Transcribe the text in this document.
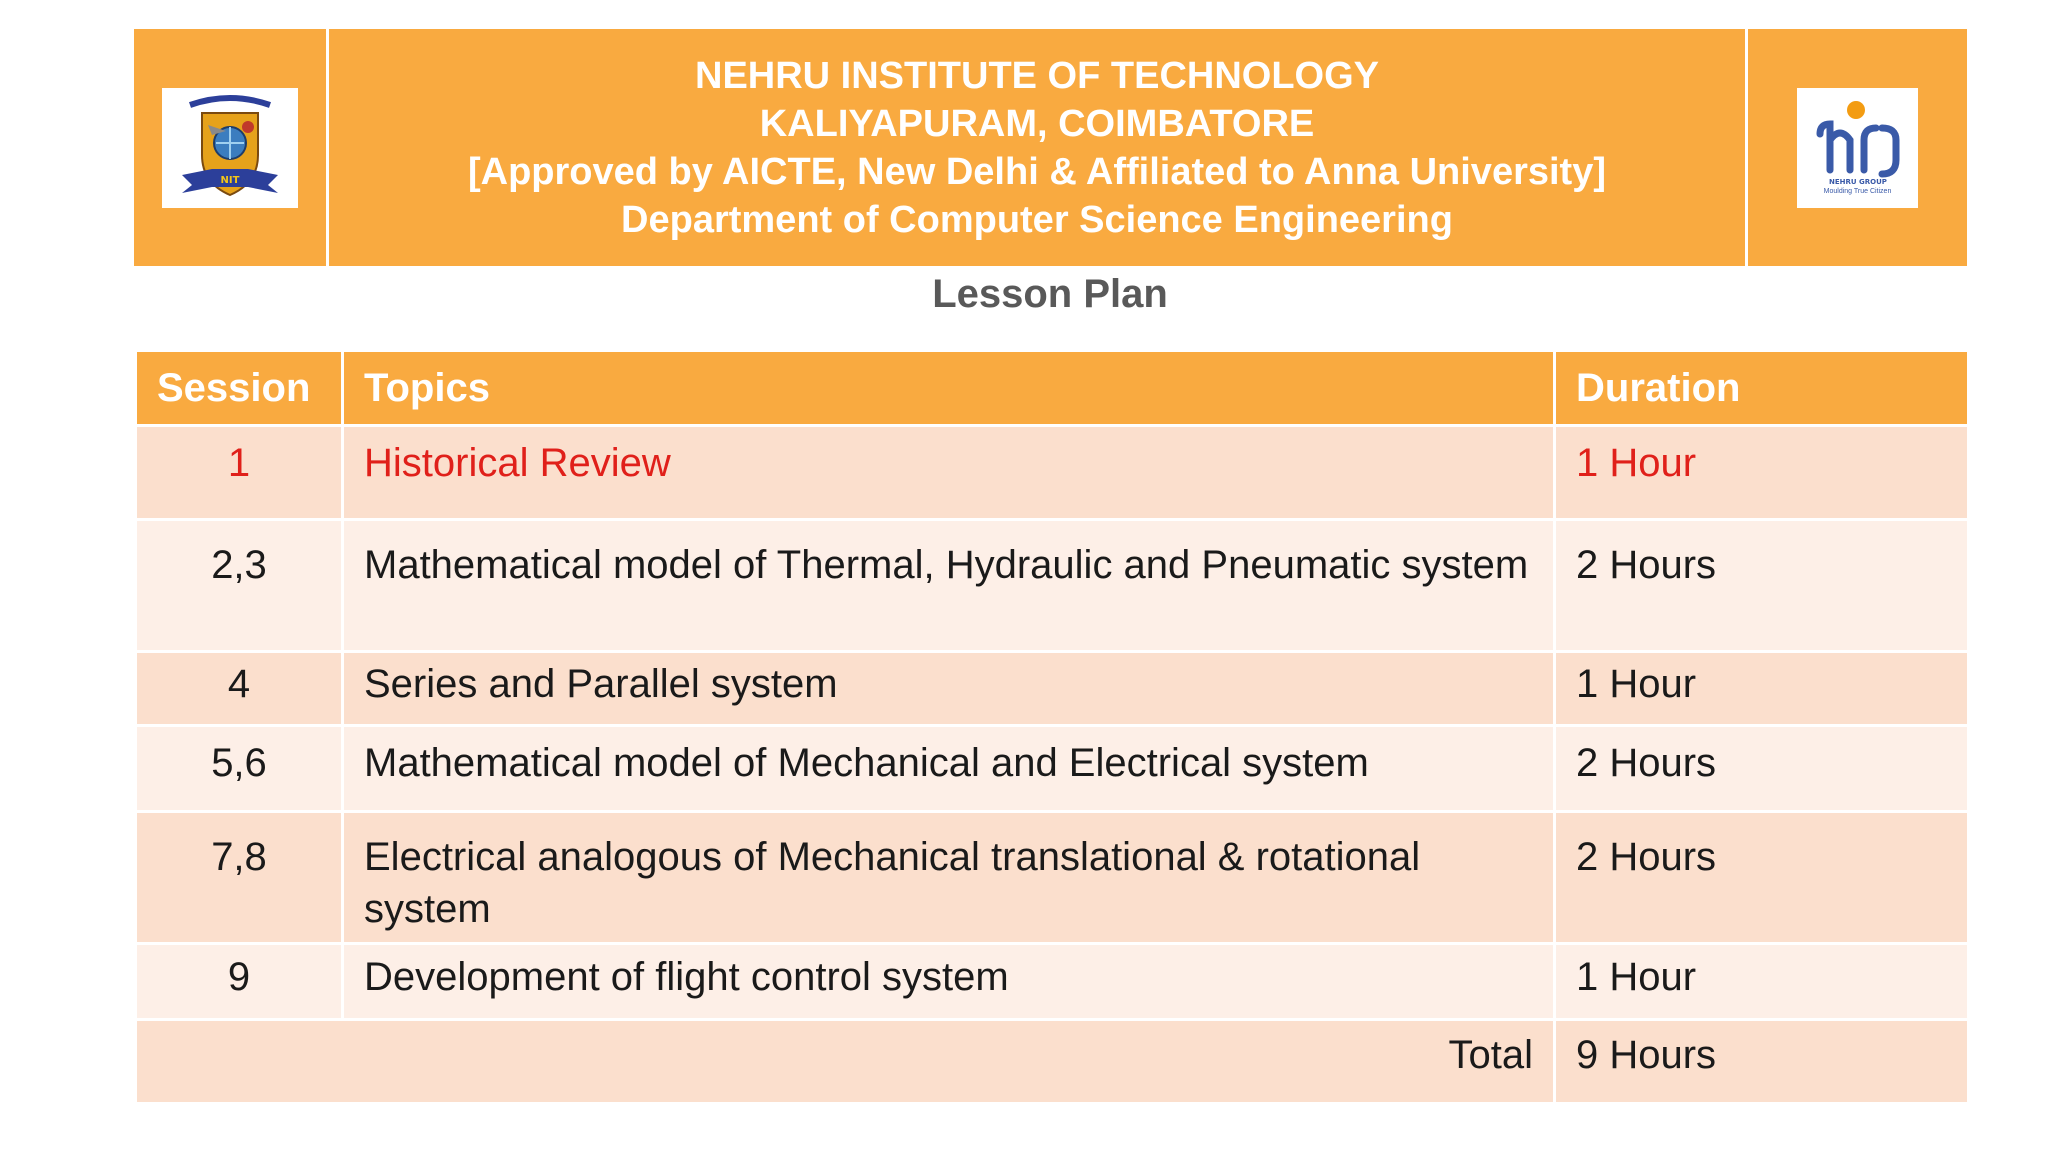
NIT
NEHRU INSTITUTE OF TECHNOLOGY
KALIYAPURAM, COIMBATORE
[Approved by AICTE, New Delhi & Affiliated to Anna University]
Department of Computer Science Engineering
NEHRU GROUP
Moulding True Citizen
Lesson Plan
Session	Topics	Duration
1	Historical Review	1 Hour
2,3	Mathematical model of Thermal, Hydraulic and Pneumatic system	2 Hours
4	Series and Parallel system	1 Hour
5,6	Mathematical model of Mechanical and Electrical system	2 Hours
7,8	Electrical analogous of Mechanical translational & rotational system	2 Hours
9	Development of flight control system	1 Hour
Total		9 Hours
